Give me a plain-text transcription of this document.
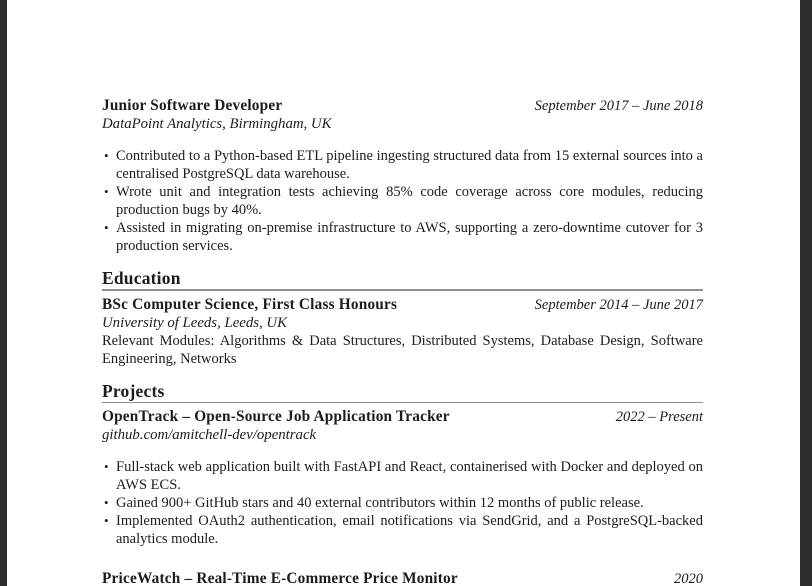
Junior Software Developer	September 2017 – June 2018
DataPoint Analytics, Birmingham, UK
• Contributed to a Python-based ETL pipeline ingesting structured data from 15 external sources into a centralised PostgreSQL data warehouse.
• Wrote unit and integration tests achieving 85% code coverage across core modules, reducing production bugs by 40%.
• Assisted in migrating on-premise infrastructure to AWS, supporting a zero-downtime cutover for 3 production services.
Education
BSc Computer Science, First Class Honours	September 2014 – June 2017
University of Leeds, Leeds, UK
Relevant Modules: Algorithms & Data Structures, Distributed Systems, Database Design, Software Engineering, Networks
Projects
OpenTrack – Open-Source Job Application Tracker	2022 – Present
github.com/amitchell-dev/opentrack
• Full-stack web application built with FastAPI and React, containerised with Docker and deployed on AWS ECS.
• Gained 900+ GitHub stars and 40 external contributors within 12 months of public release.
• Implemented OAuth2 authentication, email notifications via SendGrid, and a PostgreSQL-backed analytics module.
PriceWatch – Real-Time E-Commerce Price Monitor	2020
